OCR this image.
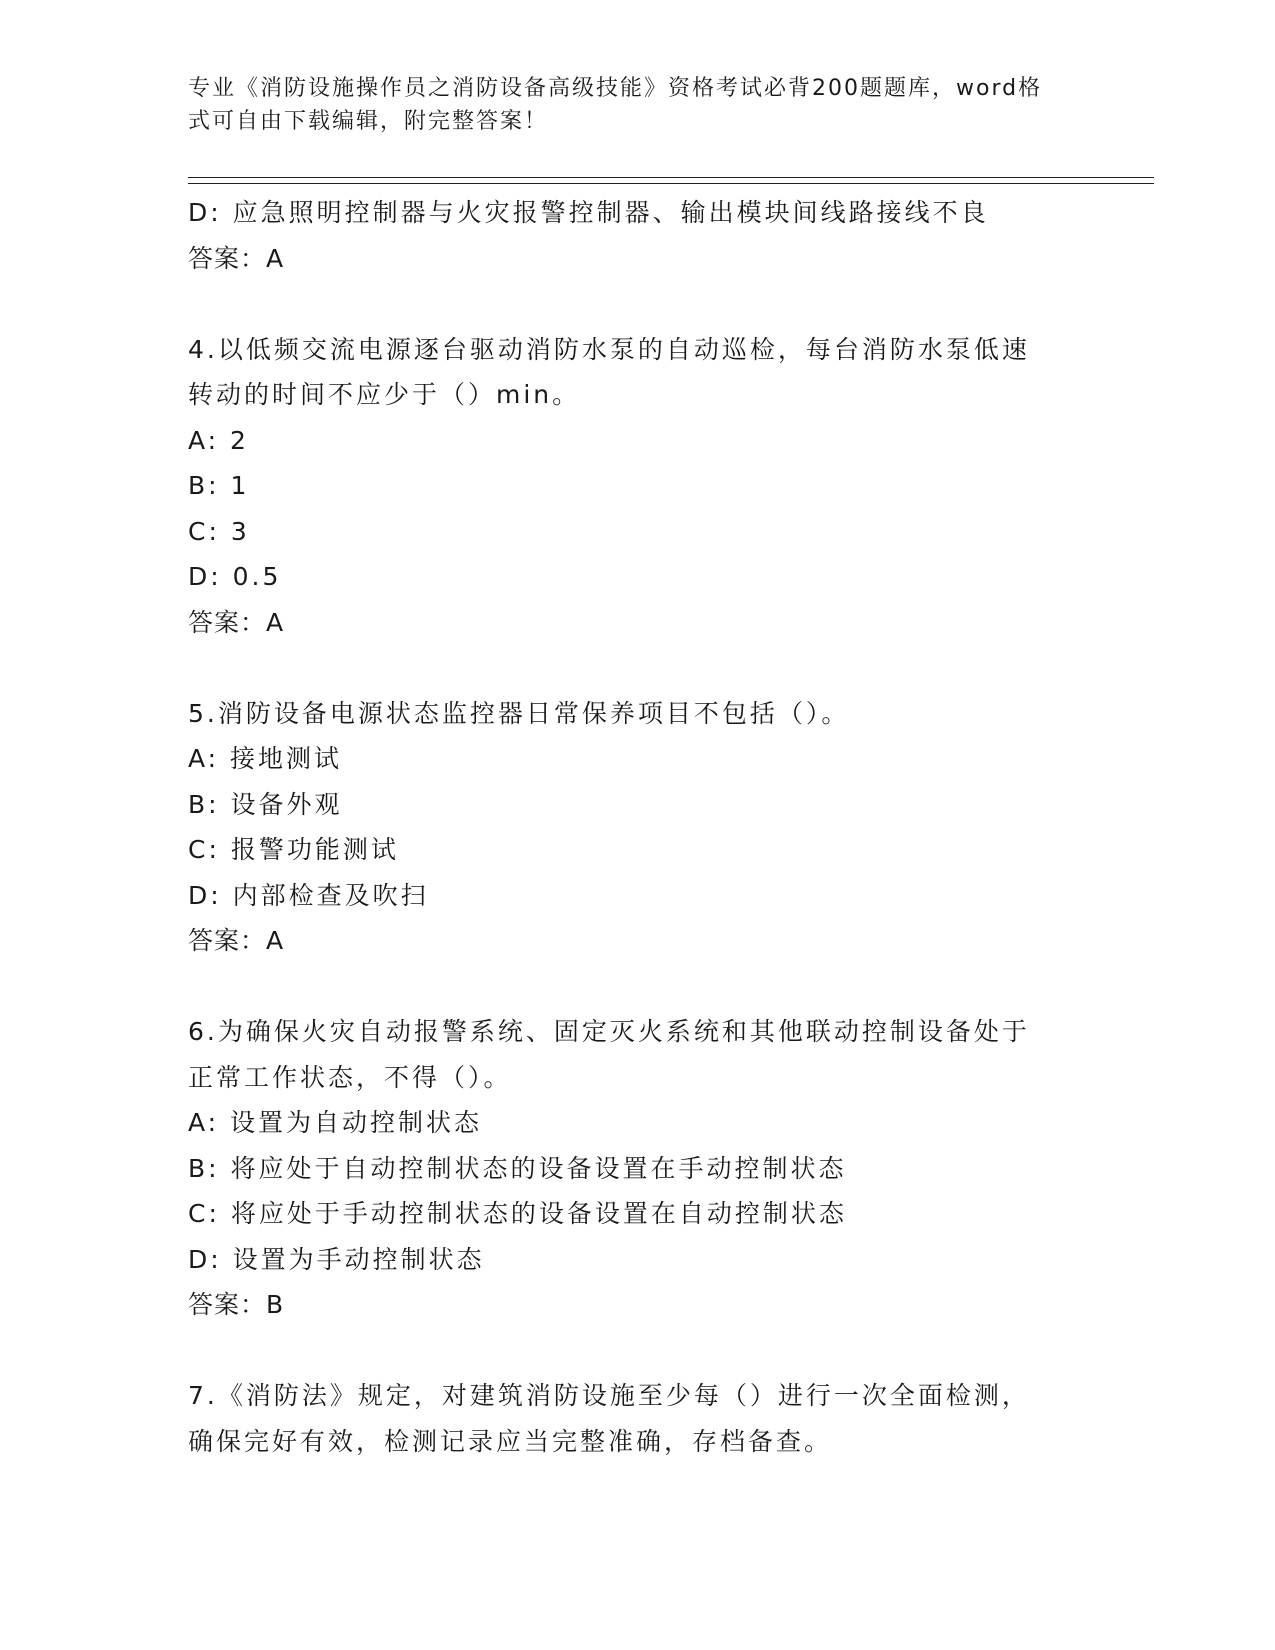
专业《消防设施操作员之消防设备高级技能》资格考试必背200题题库，word格
式可自由下载编辑，附完整答案！
D: 应急照明控制器与火灾报警控制器、输出模块间线路接线不良
答案：A
4.以低频交流电源逐台驱动消防水泵的自动巡检，每台消防水泵低速
转动的时间不应少于（）min。
A: 2
B: 1
C: 3
D: 0.5
答案：A
5.消防设备电源状态监控器日常保养项目不包括（）。
A: 接地测试
B: 设备外观
C: 报警功能测试
D: 内部检查及吹扫
答案：A
6.为确保火灾自动报警系统、固定灭火系统和其他联动控制设备处于
正常工作状态，不得（）。
A: 设置为自动控制状态
B: 将应处于自动控制状态的设备设置在手动控制状态
C: 将应处于手动控制状态的设备设置在自动控制状态
D: 设置为手动控制状态
答案：B
7.《消防法》规定，对建筑消防设施至少每（）进行一次全面检测，
确保完好有效，检测记录应当完整准确，存档备查。
